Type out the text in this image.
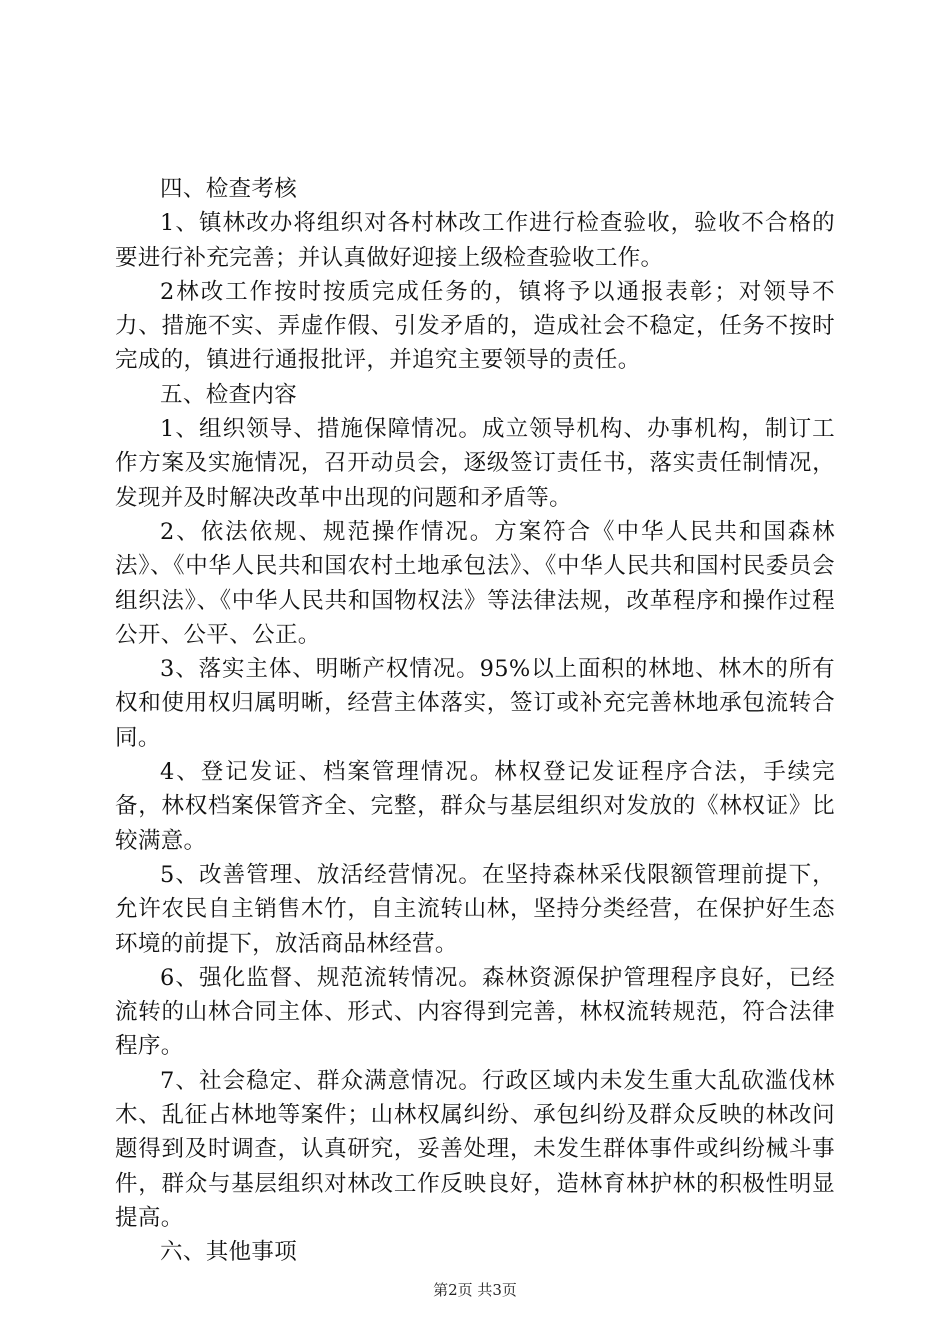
四、检查考核

1、镇林改办将组织对各村林改工作进行检查验收，验收不合格的要进行补充完善；并认真做好迎接上级检查验收工作。

2林改工作按时按质完成任务的，镇将予以通报表彰；对领导不力、措施不实、弄虚作假、引发矛盾的，造成社会不稳定，任务不按时完成的，镇进行通报批评，并追究主要领导的责任。

五、检查内容

1、组织领导、措施保障情况。成立领导机构、办事机构，制订工作方案及实施情况，召开动员会，逐级签订责任书，落实责任制情况，发现并及时解决改革中出现的问题和矛盾等。

2、依法依规、规范操作情况。方案符合《中华人民共和国森林法》、《中华人民共和国农村土地承包法》、《中华人民共和国村民委员会组织法》、《中华人民共和国物权法》等法律法规，改革程序和操作过程公开、公平、公正。

3、落实主体、明晰产权情况。95%以上面积的林地、林木的所有权和使用权归属明晰，经营主体落实，签订或补充完善林地承包流转合同。

4、登记发证、档案管理情况。林权登记发证程序合法，手续完备，林权档案保管齐全、完整，群众与基层组织对发放的《林权证》比较满意。

5、改善管理、放活经营情况。在坚持森林采伐限额管理前提下，允许农民自主销售木竹，自主流转山林，坚持分类经营，在保护好生态环境的前提下，放活商品林经营。

6、强化监督、规范流转情况。森林资源保护管理程序良好，已经流转的山林合同主体、形式、内容得到完善，林权流转规范，符合法律程序。

7、社会稳定、群众满意情况。行政区域内未发生重大乱砍滥伐林木、乱征占林地等案件；山林权属纠纷、承包纠纷及群众反映的林改问题得到及时调查，认真研究，妥善处理，未发生群体事件或纠纷械斗事件，群众与基层组织对林改工作反映良好，造林育林护林的积极性明显提高。

六、其他事项

第2页 共3页
